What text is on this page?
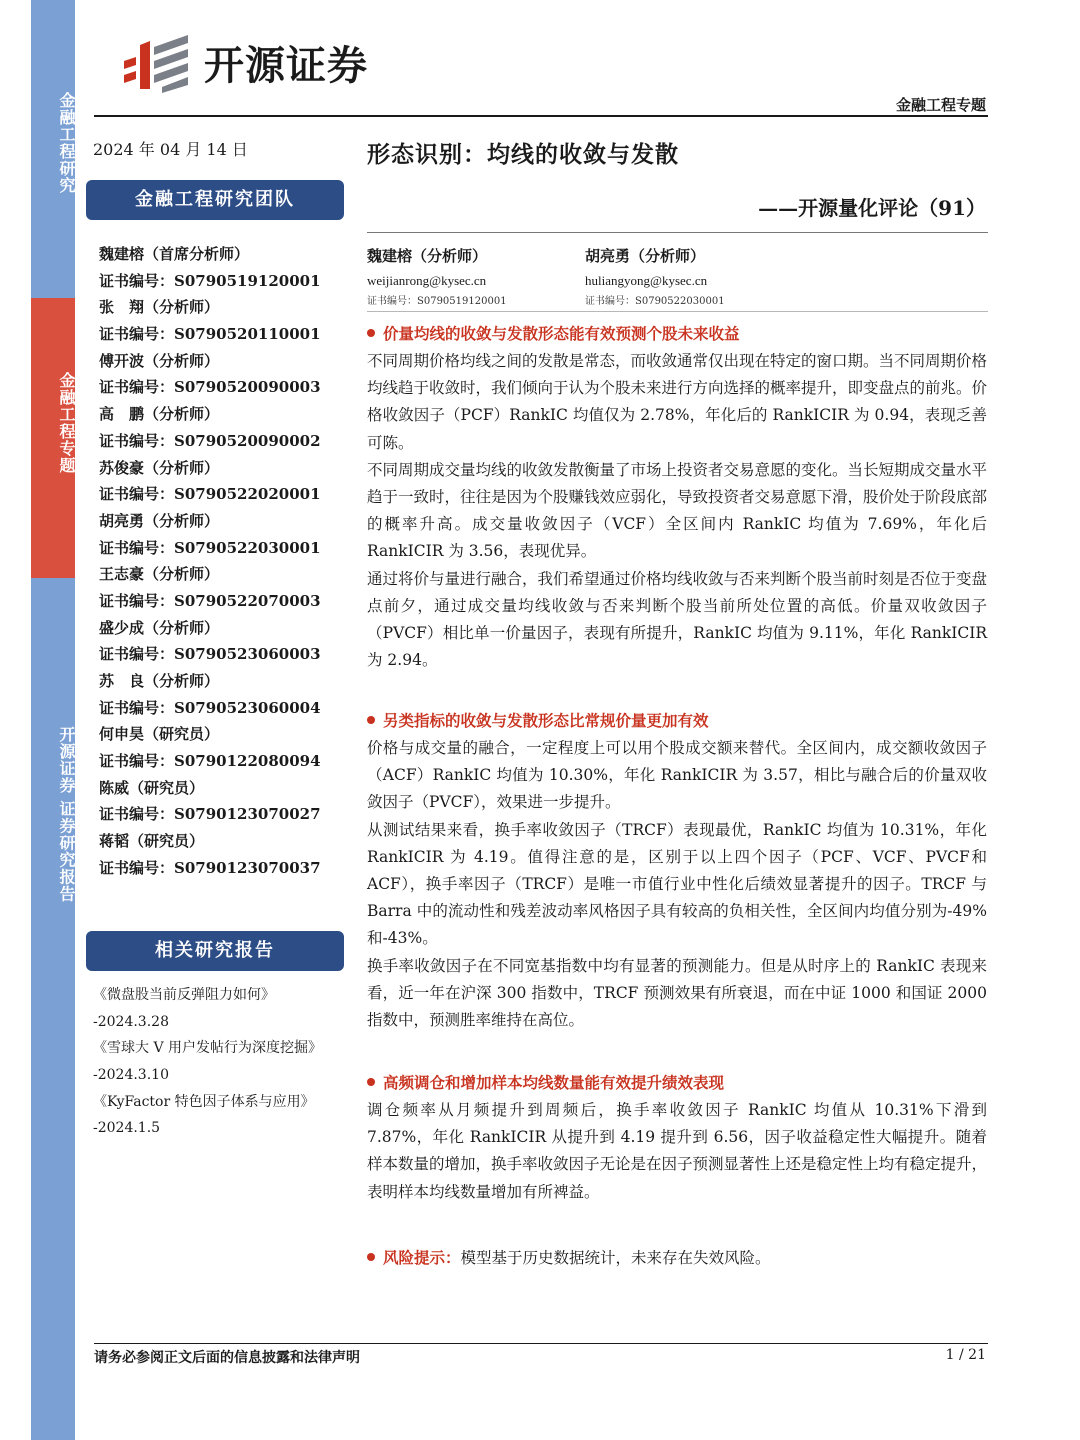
金融工程研究
金融工程专题
开源证券 证券研究报告
开源证券
金融工程专题
2024 年 04 月 14 日	形态识别：均线的收敛与发散
——开源量化评论（91）
金融工程研究团队
魏建榕（首席分析师）
证书编号：S0790519120001
张　翔（分析师）
证书编号：S0790520110001
傅开波（分析师）
证书编号：S0790520090003
高　鹏（分析师）
证书编号：S0790520090002
苏俊豪（分析师）
证书编号：S0790522020001
胡亮勇（分析师）
证书编号：S0790522030001
王志豪（分析师）
证书编号：S0790522070003
盛少成（分析师）
证书编号：S0790523060003
苏　良（分析师）
证书编号：S0790523060004
何申昊（研究员）
证书编号：S0790122080094
陈威（研究员）
证书编号：S0790123070027
蒋韬（研究员）
证书编号：S0790123070037
相关研究报告
《微盘股当前反弹阻力如何》
-2024.3.28
《雪球大 V 用户发帖行为深度挖掘》
-2024.3.10
《KyFactor 特色因子体系与应用》
-2024.1.5
魏建榕（分析师）
weijianrong@kysec.cn
证书编号：S0790519120001
胡亮勇（分析师）
huliangyong@kysec.cn
证书编号：S0790522030001
价量均线的收敛与发散形态能有效预测个股未来收益

不同周期价格均线之间的发散是常态，而收敛通常仅出现在特定的窗口期。当不同周期价格均线趋于收敛时，我们倾向于认为个股未来进行方向选择的概率提升，即变盘点的前兆。价格收敛因子（PCF）RankIC 均值仅为 2.78%，年化后的 RankICIR 为 0.94，表现乏善可陈。

不同周期成交量均线的收敛发散衡量了市场上投资者交易意愿的变化。当长短期成交量水平趋于一致时，往往是因为个股赚钱效应弱化，导致投资者交易意愿下滑，股价处于阶段底部的概率升高。成交量收敛因子（VCF）全区间内 RankIC 均值为 7.69%，年化后 RankICIR 为 3.56，表现优异。

通过将价与量进行融合，我们希望通过价格均线收敛与否来判断个股当前时刻是否位于变盘点前夕，通过成交量均线收敛与否来判断个股当前所处位置的高低。价量双收敛因子（PVCF）相比单一价量因子，表现有所提升，RankIC 均值为 9.11%，年化 RankICIR 为 2.94。

另类指标的收敛与发散形态比常规价量更加有效

价格与成交量的融合，一定程度上可以用个股成交额来替代。全区间内，成交额收敛因子（ACF）RankIC 均值为 10.30%，年化 RankICIR 为 3.57，相比与融合后的价量双收敛因子（PVCF），效果进一步提升。

从测试结果来看，换手率收敛因子（TRCF）表现最优，RankIC 均值为 10.31%，年化 RankICIR 为 4.19。值得注意的是，区别于以上四个因子（PCF、VCF、PVCF和 ACF），换手率因子（TRCF）是唯一市值行业中性化后绩效显著提升的因子。TRCF 与 Barra 中的流动性和残差波动率风格因子具有较高的负相关性，全区间内均值分别为-49%和-43%。

换手率收敛因子在不同宽基指数中均有显著的预测能力。但是从时序上的 RankIC 表现来看，近一年在沪深 300 指数中，TRCF 预测效果有所衰退，而在中证 1000 和国证 2000 指数中，预测胜率维持在高位。

高频调仓和增加样本均线数量能有效提升绩效表现

调仓频率从月频提升到周频后，换手率收敛因子 RankIC 均值从 10.31%下滑到 7.87%，年化 RankICIR 从提升到 4.19 提升到 6.56，因子收益稳定性大幅提升。随着样本数量的增加，换手率收敛因子无论是在因子预测显著性上还是稳定性上均有稳定提升，表明样本均线数量增加有所裨益。

风险提示：模型基于历史数据统计，未来存在失效风险。
请务必参阅正文后面的信息披露和法律声明	1 / 21
